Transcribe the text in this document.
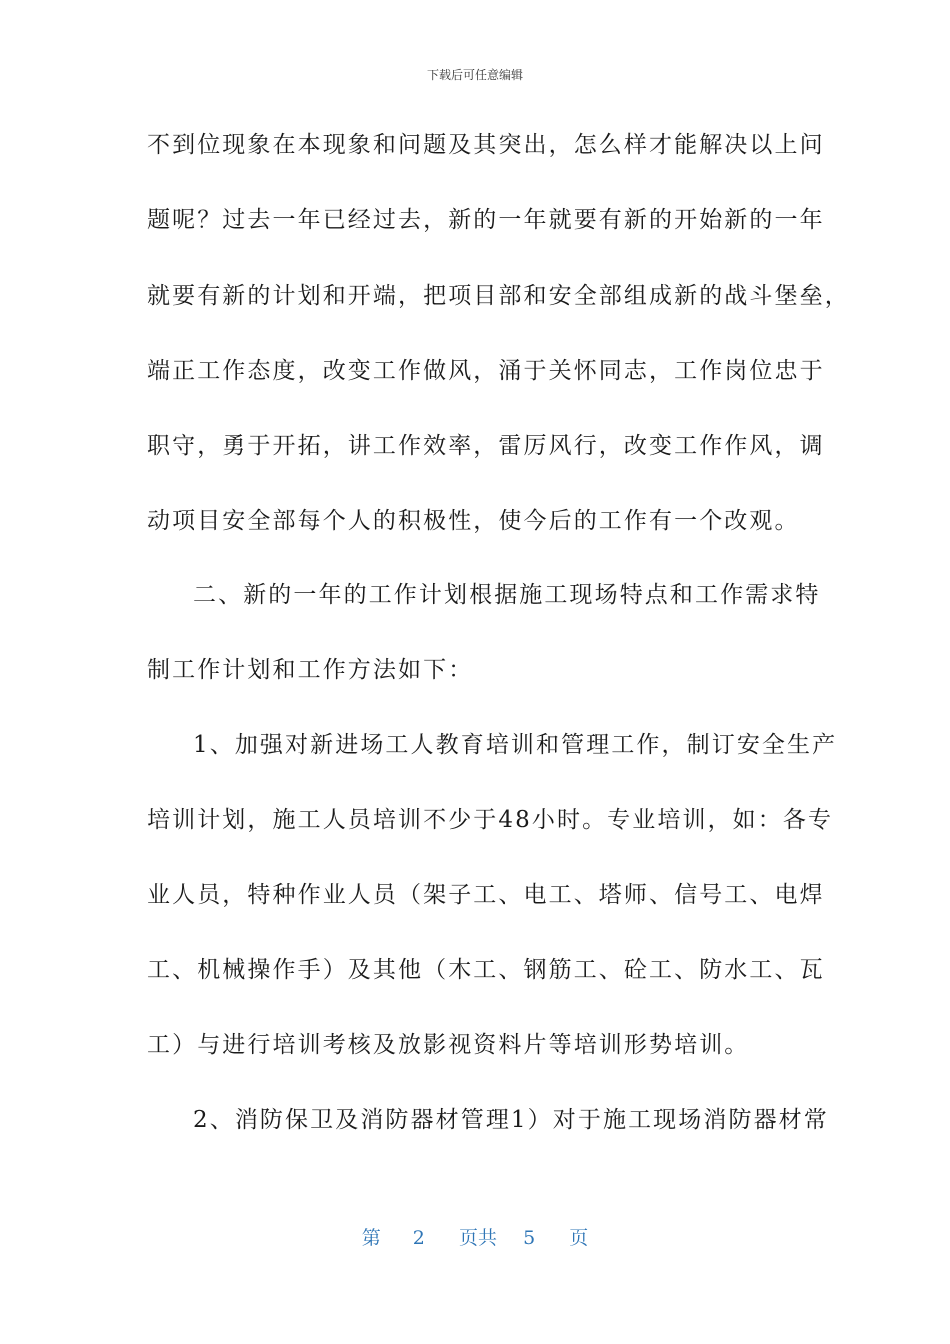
下载后可任意编辑
不到位现象在本现象和问题及其突出，怎么样才能解决以上问
题呢？过去一年已经过去，新的一年就要有新的开始新的一年
就要有新的计划和开端，把项目部和安全部组成新的战斗堡垒，
端正工作态度，改变工作做风，涌于关怀同志，工作岗位忠于
职守，勇于开拓，讲工作效率，雷厉风行，改变工作作风，调
动项目安全部每个人的积极性，使今后的工作有一个改观。
二、新的一年的工作计划根据施工现场特点和工作需求特
制工作计划和工作方法如下：
1、加强对新进场工人教育培训和管理工作，制订安全生产
培训计划，施工人员培训不少于48小时。专业培训，如：各专
业人员，特种作业人员（架子工、电工、塔师、信号工、电焊
工、机械操作手）及其他（木工、钢筋工、砼工、防水工、瓦
工）与进行培训考核及放影视资料片等培训形势培训。
2、消防保卫及消防器材管理1）对于施工现场消防器材常
第 2 页共 5 页
